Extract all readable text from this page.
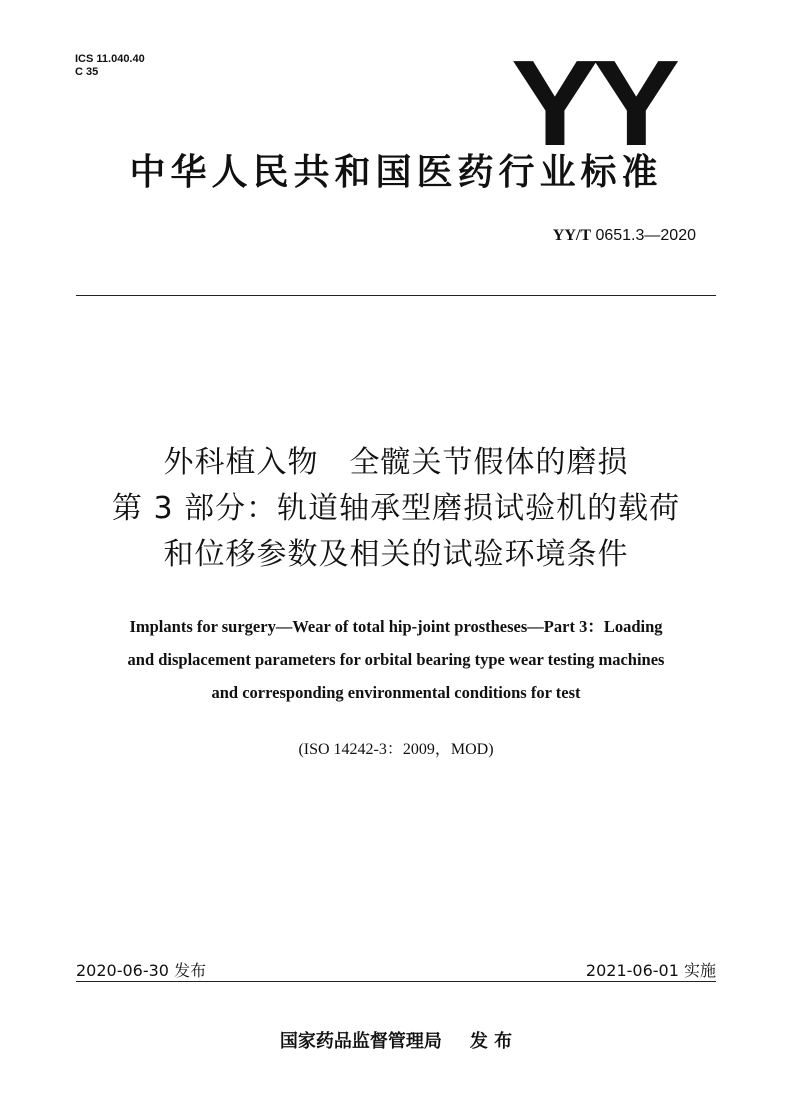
ICS 11.040.40
C 35	YY
中华人民共和国医药行业标准
YY/T 0651.3—2020
外科植入物　全髋关节假体的磨损
第 3 部分：轨道轴承型磨损试验机的载荷
和位移参数及相关的试验环境条件
Implants for surgery—Wear of total hip-joint prostheses—Part 3：Loading
and displacement parameters for orbital bearing type wear testing machines
and corresponding environmental conditions for test
(ISO 14242-3：2009，MOD)
2020-06-30 发布	2021-06-01 实施
国家药品监督管理局 发 布
